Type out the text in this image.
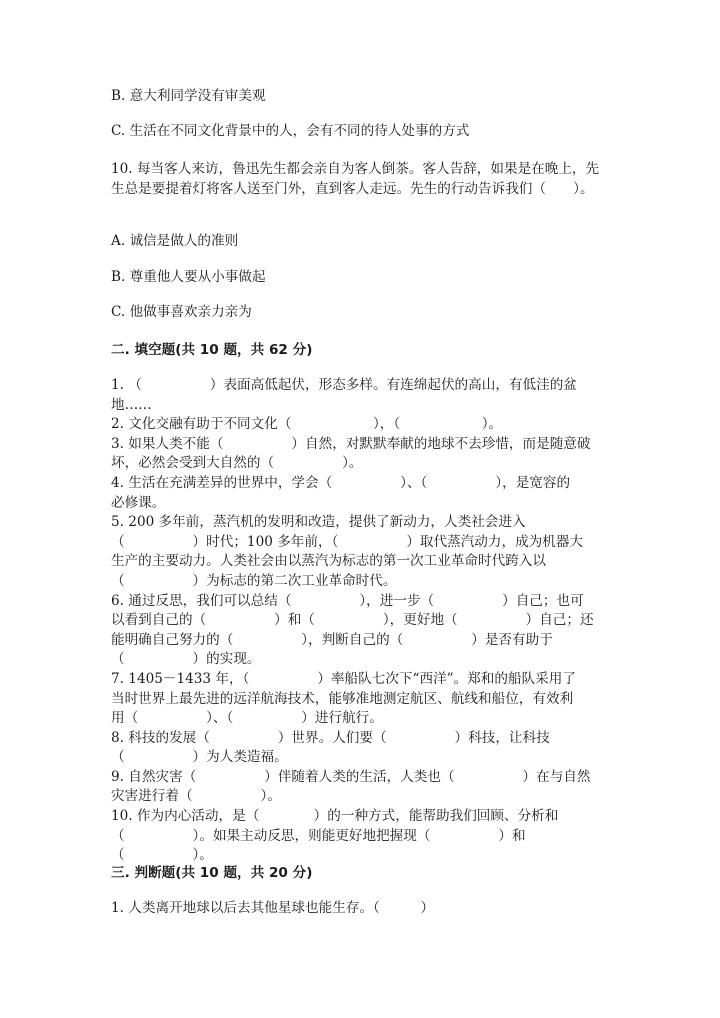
B. 意大利同学没有审美观
C. 生活在不同文化背景中的人，会有不同的待人处事的方式
10. 每当客人来访，鲁迅先生都会亲自为客人倒茶。客人告辞，如果是在晚上，先生总是要提着灯将客人送至门外，直到客人走远。先生的行动告诉我们（　　）。
A. 诚信是做人的准则
B. 尊重他人要从小事做起
C. 他做事喜欢亲力亲为
二. 填空题(共 10 题，共 62 分)
1. （　　　　　）表面高低起伏，形态多样。有连绵起伏的高山，有低洼的盆
地……
2. 文化交融有助于不同文化（　　　　　　），（　　　　　　）。
3. 如果人类不能（　　　　　）自然，对默默奉献的地球不去珍惜，而是随意破
坏，必然会受到大自然的（　　　　　）。
4. 生活在充满差异的世界中，学会（　　　　　）、（　　　　　），是宽容的
必修课。
5. 200 多年前，蒸汽机的发明和改造，提供了新动力，人类社会进入
（　　　　　）时代；100 多年前，（　　　　　）取代蒸汽动力，成为机器大
生产的主要动力。人类社会由以蒸汽为标志的第一次工业革命时代跨入以
（　　　　　）为标志的第二次工业革命时代。
6. 通过反思，我们可以总结（　　　　　），进一步（　　　　　）自己；也可
以看到自己的（　　　　　）和（　　　　　），更好地（　　　　　）自己；还
能明确自己努力的（　　　　　），判断自己的（　　　　　）是否有助于
（　　　　　）的实现。
7. 1405－1433 年，（　　　　　）率船队七次下“西洋”。郑和的船队采用了
当时世界上最先进的远洋航海技术，能够准地测定航区、航线和船位，有效利
用（　　　　　）、（　　　　　）进行航行。
8. 科技的发展（　　　　　）世界。人们要（　　　　　）科技，让科技
（　　　　　）为人类造福。
9. 自然灾害（　　　　　）伴随着人类的生活，人类也（　　　　　）在与自然
灾害进行着（　　　　　）。
10. 作为内心活动，是（　　　　）的一种方式，能帮助我们回顾、分析和
（　　　　　）。如果主动反思，则能更好地把握现（　　　　　）和
（　　　　　）。
三. 判断题(共 10 题，共 20 分)
1. 人类离开地球以后去其他星球也能生存。（　　　）
